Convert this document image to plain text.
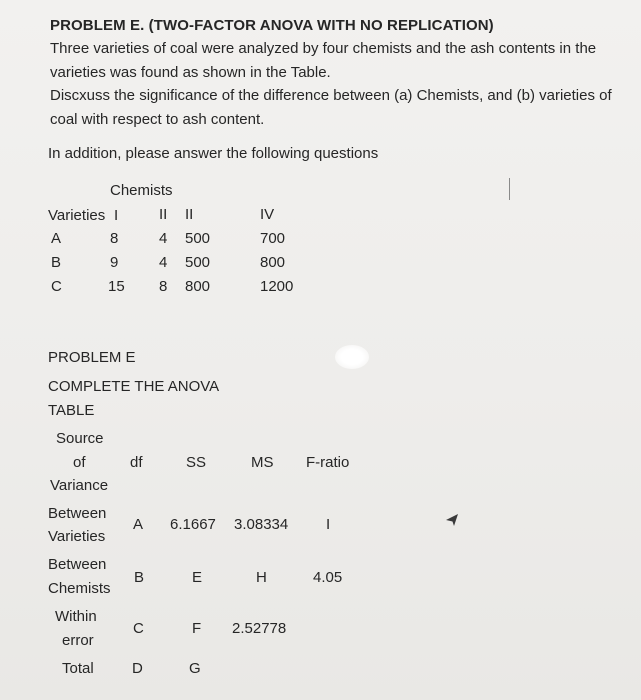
PROBLEM E. (TWO-FACTOR ANOVA WITH NO REPLICATION)
Three varieties of coal were analyzed by four chemists and the ash contents in the
varieties was found as shown in the Table.
Discxuss the significance of the difference between (a) Chemists, and (b) varieties of
coal with respect to ash content.
In addition, please answer the following questions
Chemists
Varieties I	II II	IV
A	8	4 500	700
B	9	4 500	800
C	15 8 800	1200
PROBLEM E
COMPLETE THE ANOVA
TABLE
Source
of
Variance
df	SS	MS F-ratio
Between
Varieties
A 6.1667 3.08334	I
Between
Chemists
B	E	H	4.05
Within
error
C	F 2.52778
Total	D	G
